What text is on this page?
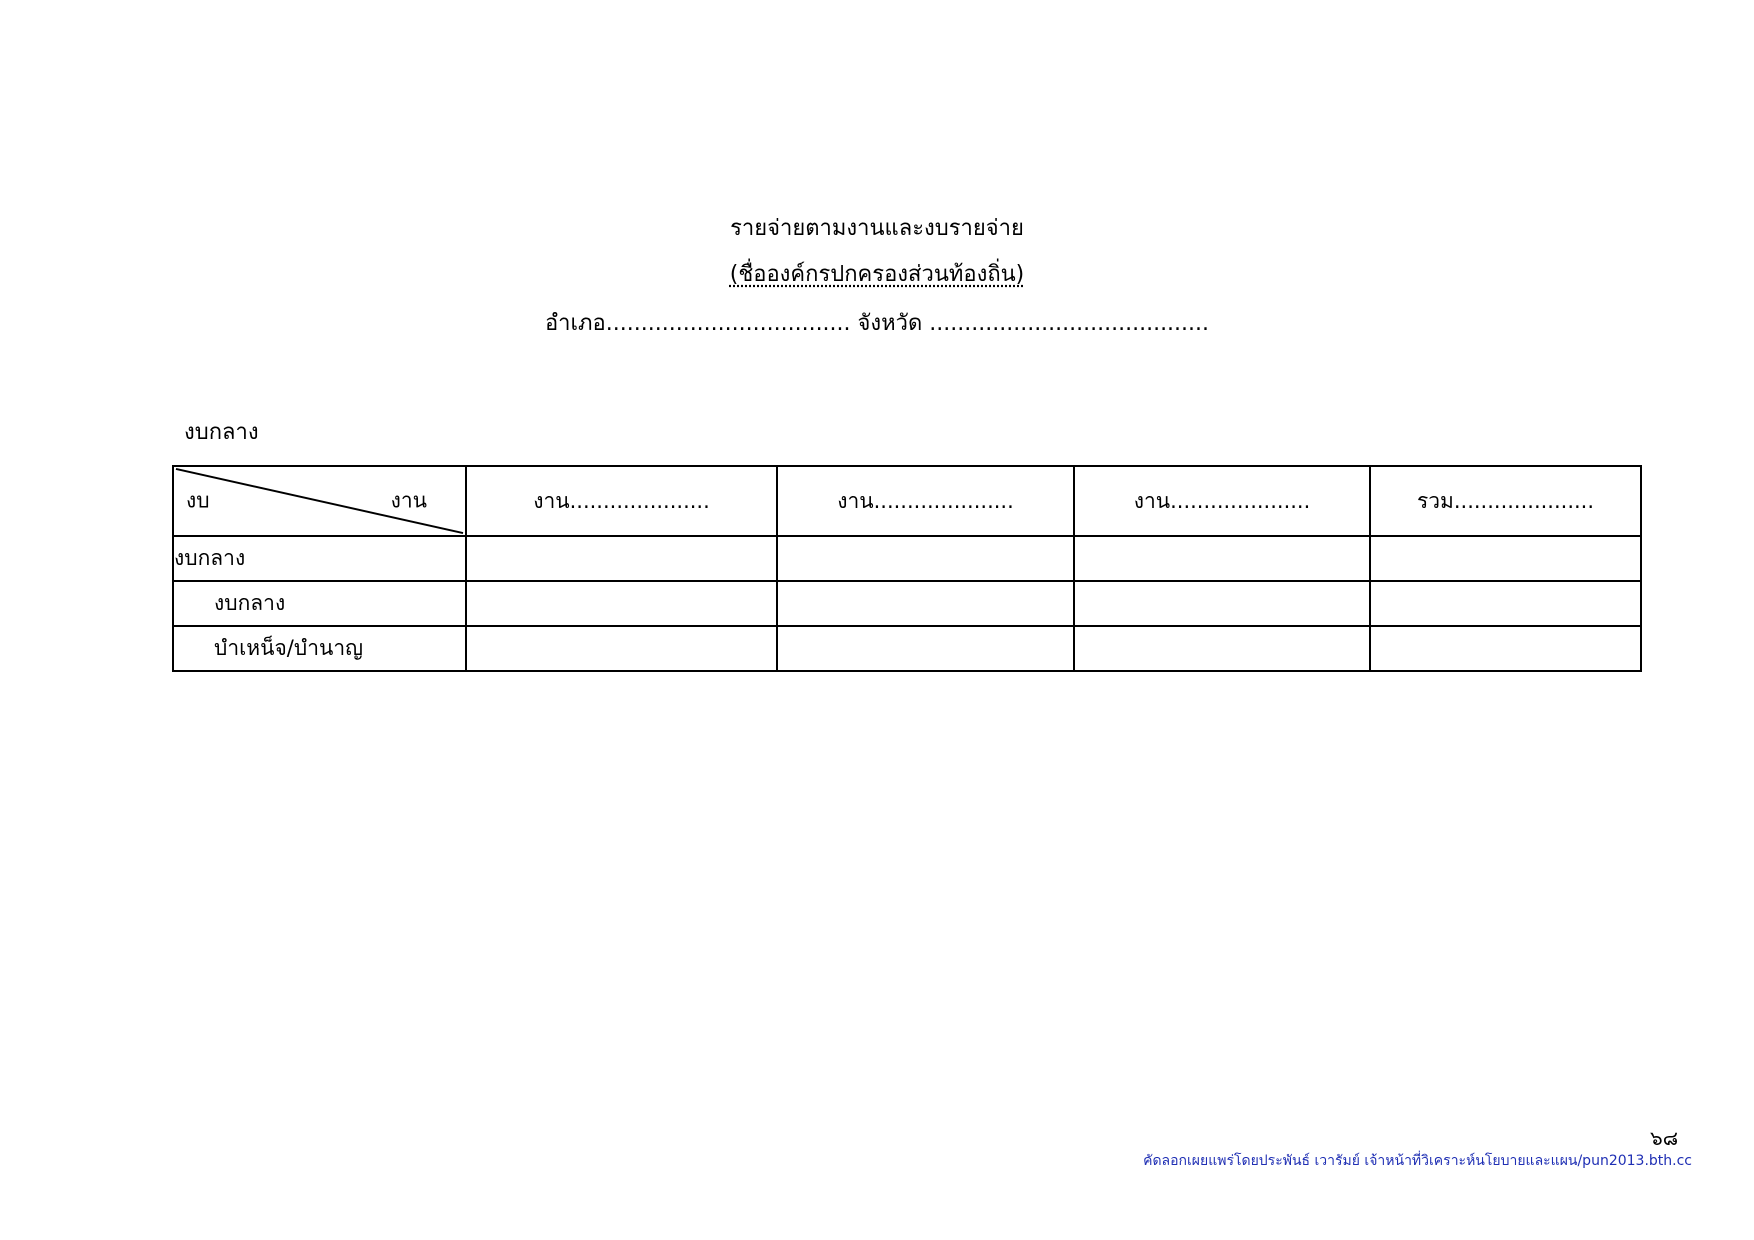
รายจ่ายตามงานและงบรายจ่าย
(ชื่อองค์กรปกครองส่วนท้องถิ่น)
อำเภอ................................... จังหวัด ........................................
งบกลาง
งบ งาน	งาน.....................	งาน.....................	งาน.....................	รวม.....................
งบกลาง				
งบกลาง				
บำเหน็จ/บำนาญ				
๖๘
คัดลอกเผยแพร่โดยประพันธ์ เวารัมย์ เจ้าหน้าที่วิเคราะห์นโยบายและแผน/pun2013.bth.cc
